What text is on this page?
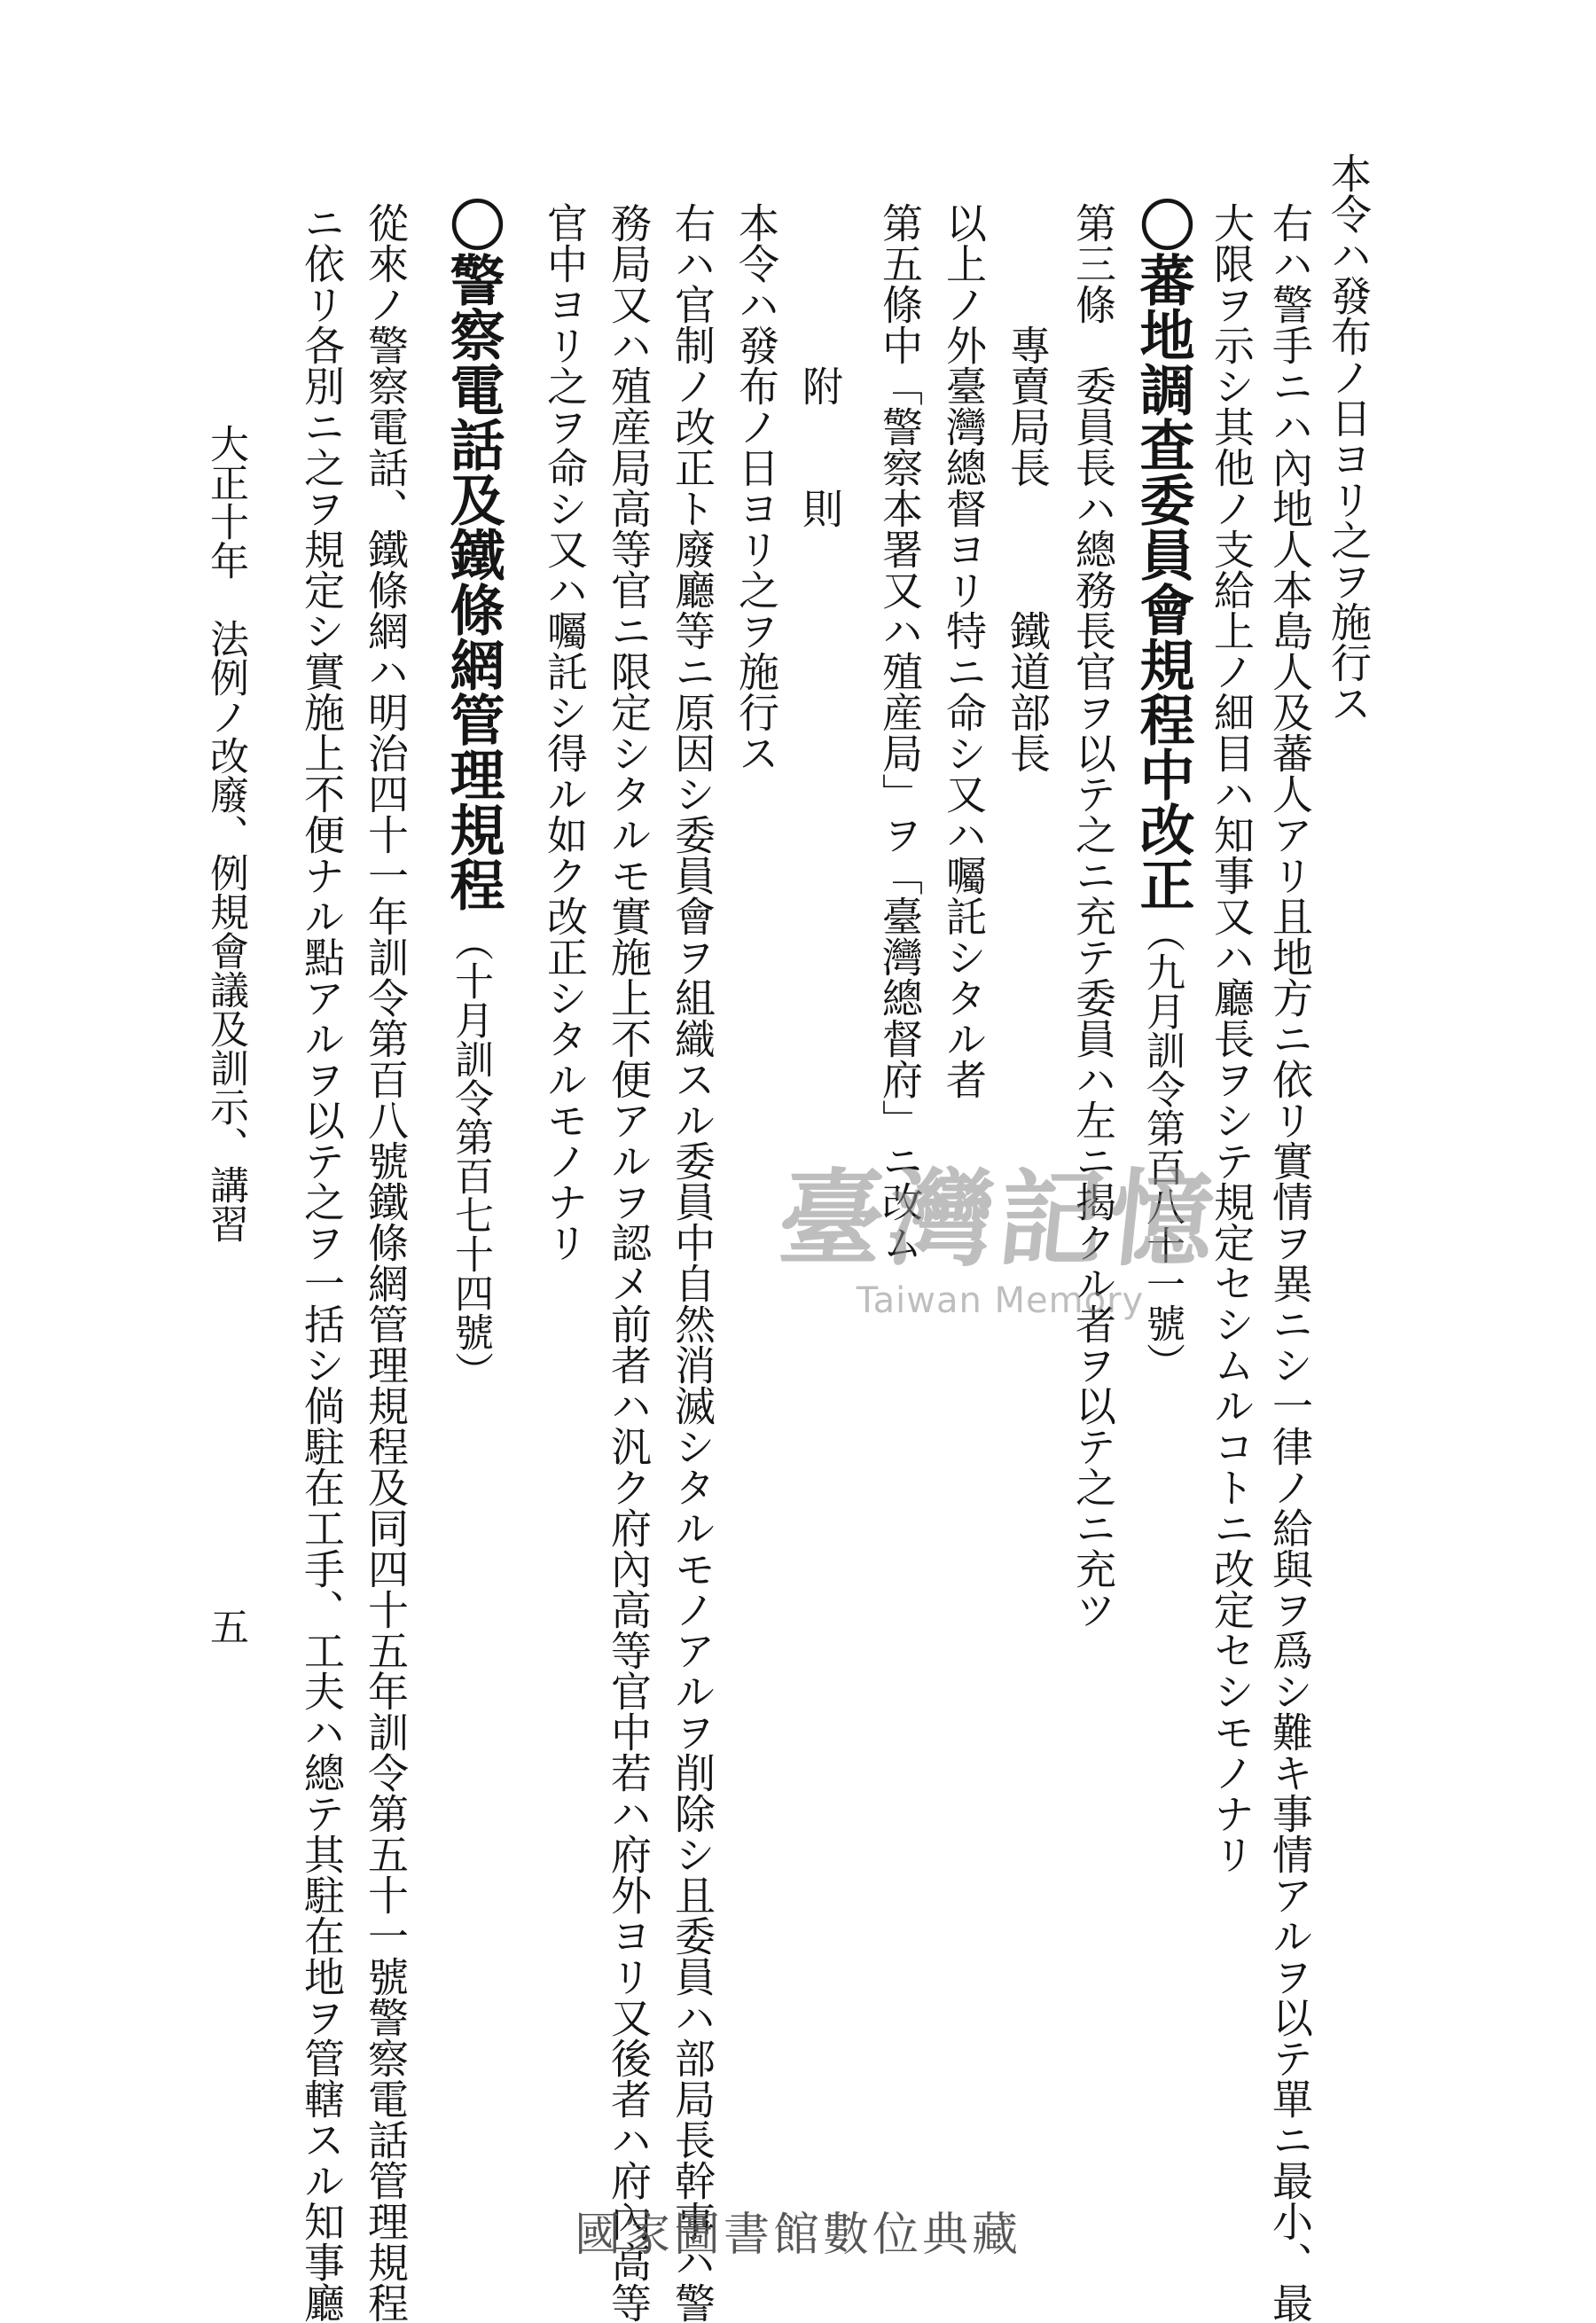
本令ハ發布ノ日ヨリ之ヲ施行ス
右ハ警手ニハ內地人本島人及蕃人アリ且地方ニ依リ實情ヲ異ニシ一律ノ給與ヲ爲シ難キ事情アルヲ以テ單ニ最小、最
大限ヲ示シ其他ノ支給上ノ細目ハ知事又ハ廳長ヲシテ規定セシムルコトニ改定セシモノナリ
〇蕃地調査委員會規程中改正
（九月訓令第百八十一號）
第三條　委員長ハ總務長官ヲ以テ之ニ充テ委員ハ左ニ揭クル者ヲ以テ之ニ充ツ
　　　專賣局長　　　鐵道部長
以上ノ外臺灣總督ヨリ特ニ命シ又ハ囑託シタル者
第五條中「警察本署又ハ殖産局」ヲ「臺灣總督府」ニ改ム
　　　　附　　則
本令ハ發布ノ日ヨリ之ヲ施行ス
右ハ官制ノ改正ト廢廳等ニ原因シ委員會ヲ組織スル委員中自然消滅シタルモノアルヲ削除シ且委員ハ部局長幹事ハ警
務局又ハ殖産局高等官ニ限定シタルモ實施上不便アルヲ認メ前者ハ汎ク府內高等官中若ハ府外ヨリ又後者ハ府內高等
官中ヨリ之ヲ命シ又ハ囑託シ得ル如ク改正シタルモノナリ
〇警察電話及鐵條網管理規程
（十月訓令第百七十四號）
從來ノ警察電話、鐵條網ハ明治四十一年訓令第百八號鐵條網管理規程及同四十五年訓令第五十一號警察電話管理規程
ニ依リ各別ニ之ヲ規定シ實施上不便ナル點アルヲ以テ之ヲ一括シ倘駐在工手、工夫ハ總テ其駐在地ヲ管轄スル知事廳
大正十年　法例ノ改廢、例規會議及訓示、講習
五
臺灣記憶
Taiwan Memory
國家圖書館數位典藏
